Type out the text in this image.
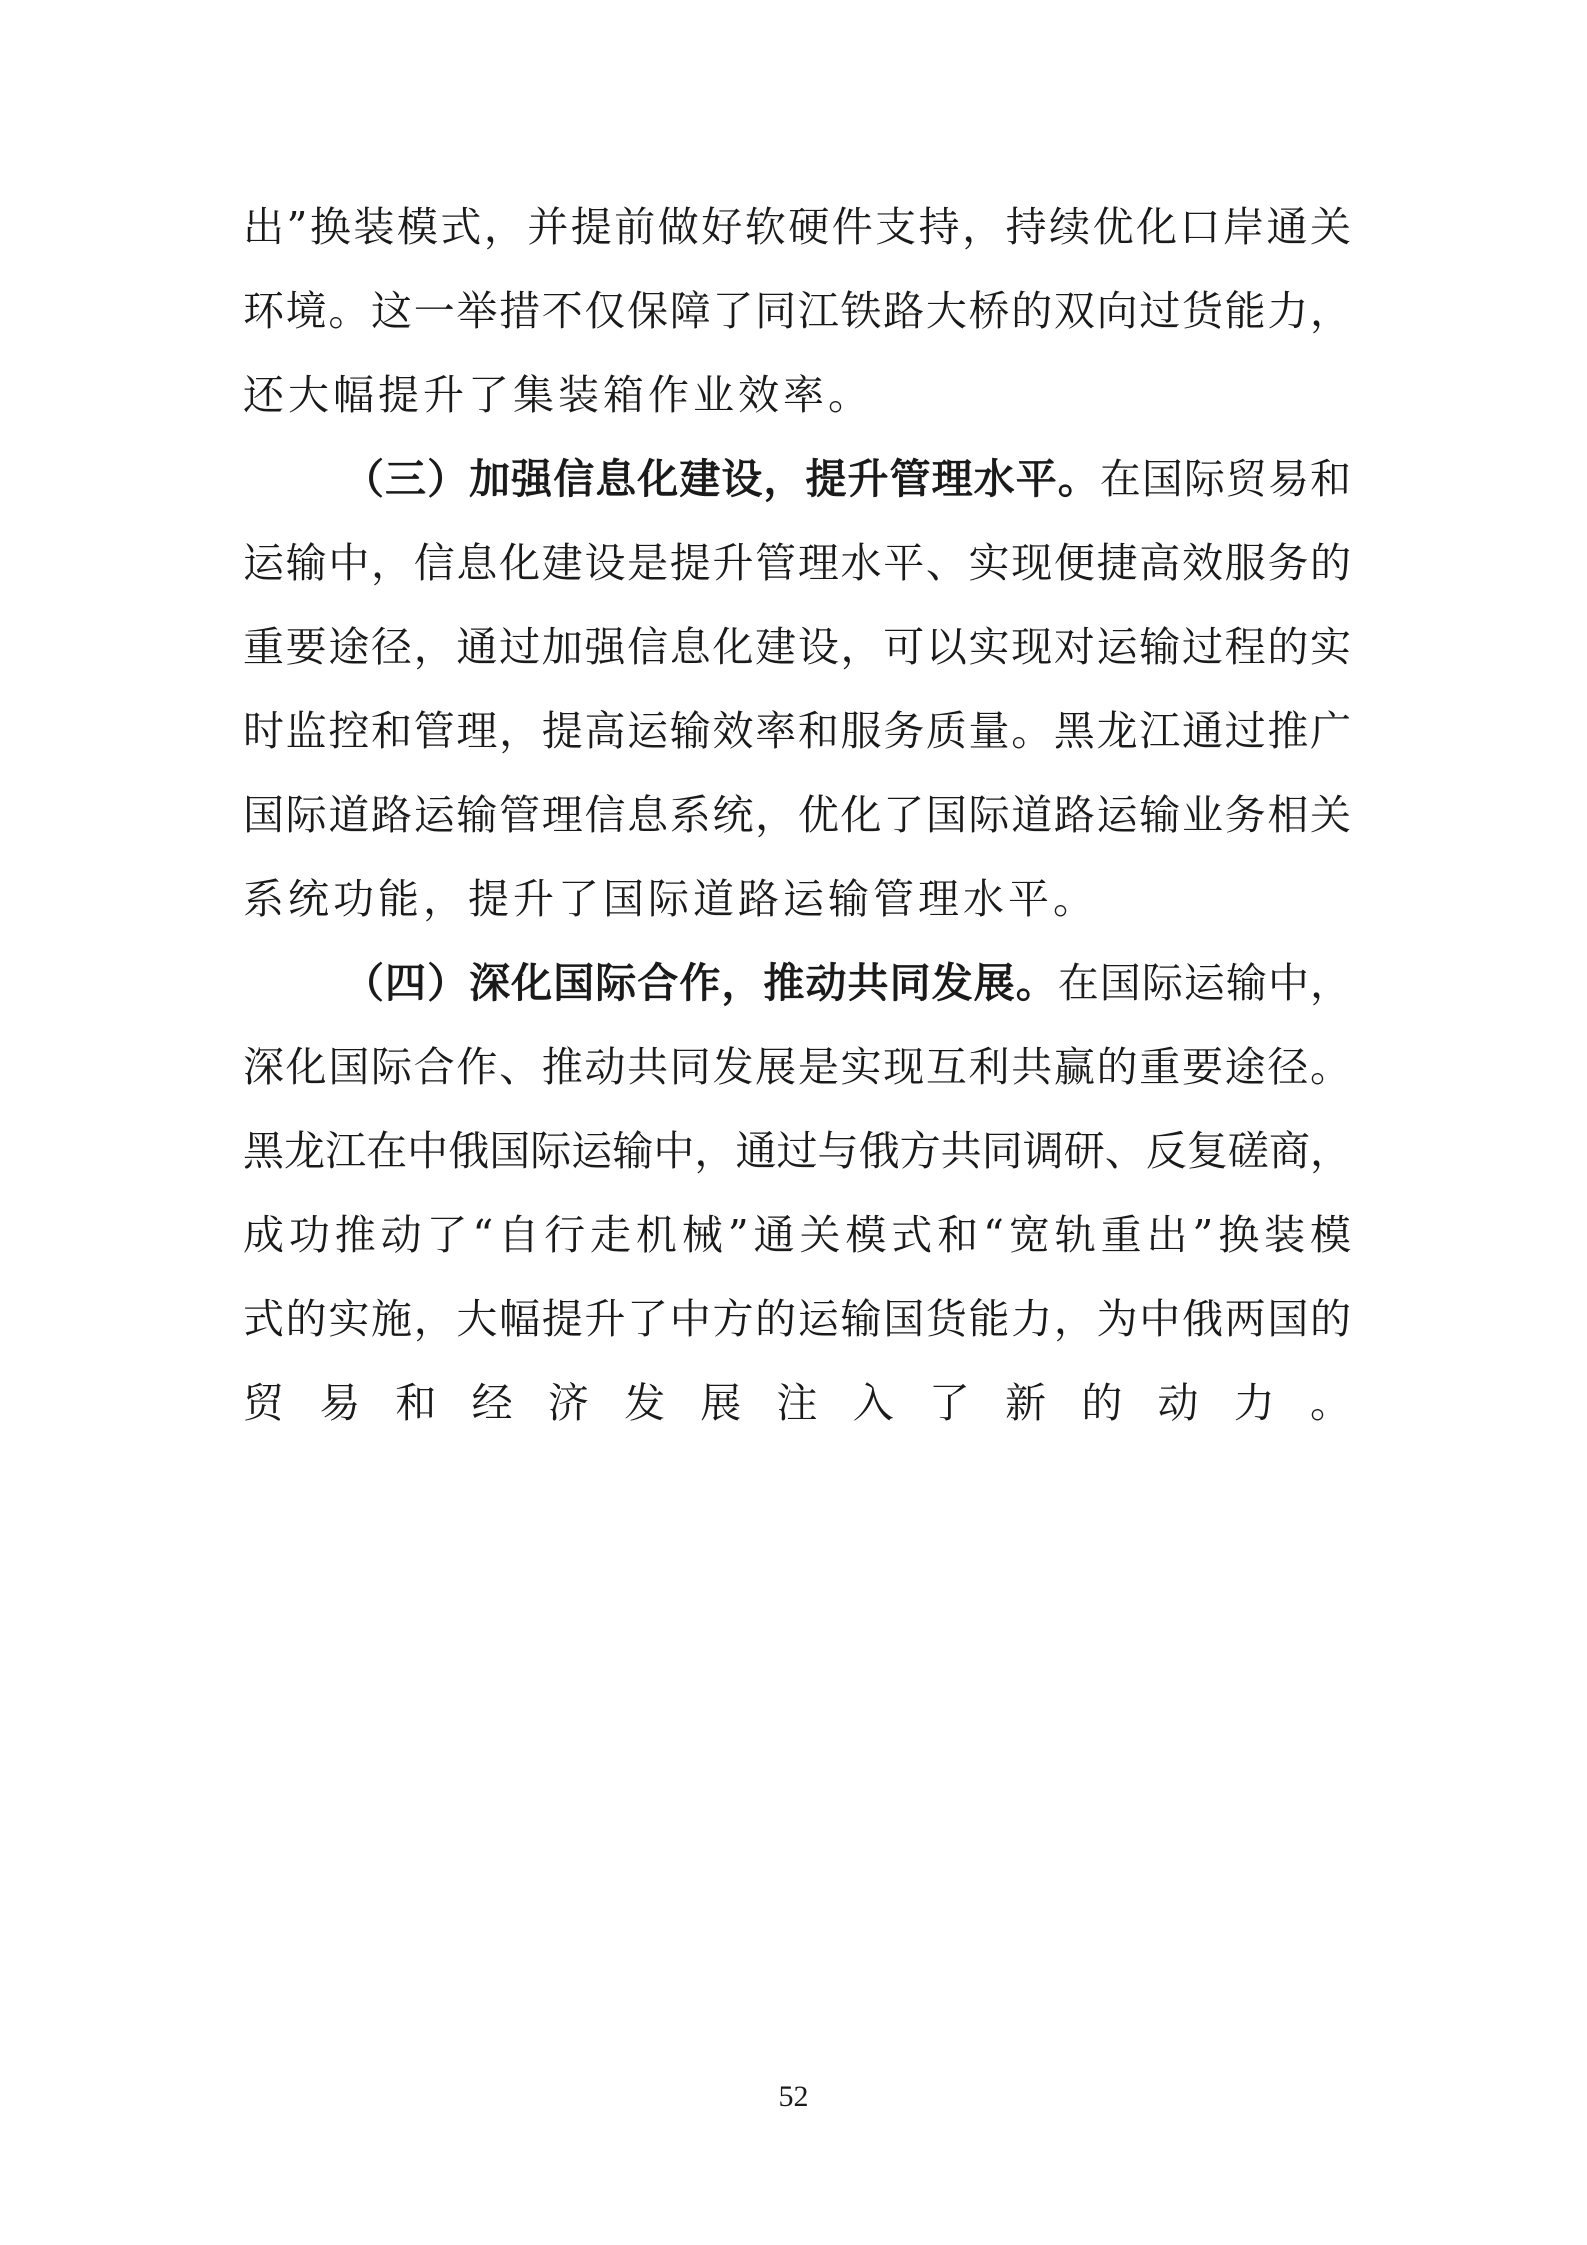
出”换装模式，并提前做好软硬件支持，持续优化口岸通关
环境。这一举措不仅保障了同江铁路大桥的双向过货能力，
还大幅提升了集装箱作业效率。
（三）加强信息化建设，提升管理水平。在国际贸易和
运输中，信息化建设是提升管理水平、实现便捷高效服务的
重要途径，通过加强信息化建设，可以实现对运输过程的实
时监控和管理，提高运输效率和服务质量。黑龙江通过推广
国际道路运输管理信息系统，优化了国际道路运输业务相关
系统功能，提升了国际道路运输管理水平。
（四）深化国际合作，推动共同发展。在国际运输中，
深化国际合作、推动共同发展是实现互利共赢的重要途径。
黑龙江在中俄国际运输中，通过与俄方共同调研、反复磋商，
成功推动了“自行走机械”通关模式和“宽轨重出”换装模
式的实施，大幅提升了中方的运输国货能力，为中俄两国的
贸 易 和 经 济 发 展 注 入 了 新 的 动 力 。
52
